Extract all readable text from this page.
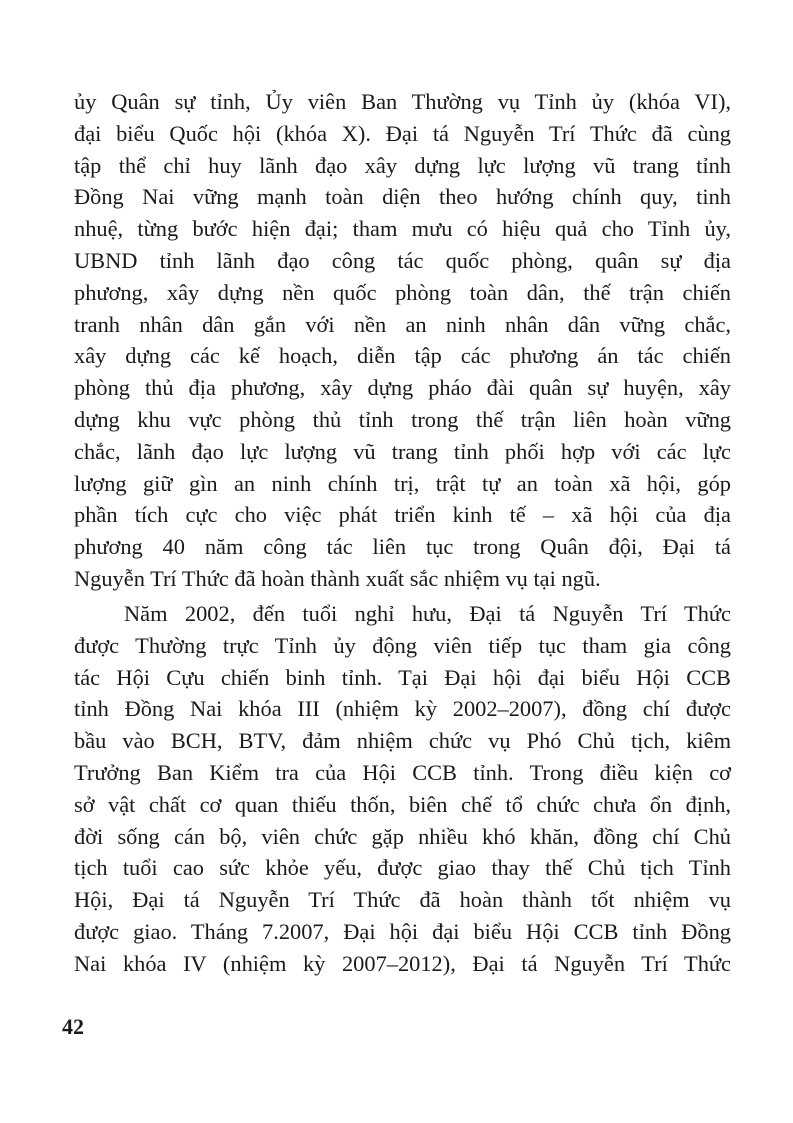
ủy Quân sự tỉnh, Ủy viên Ban Thường vụ Tỉnh ủy (khóa VI),
đại biểu Quốc hội (khóa X). Đại tá Nguyễn Trí Thức đã cùng
tập thể chỉ huy lãnh đạo xây dựng lực lượng vũ trang tỉnh
Đồng Nai vững mạnh toàn diện theo hướng chính quy, tinh
nhuệ, từng bước hiện đại; tham mưu có hiệu quả cho Tỉnh ủy,
UBND tỉnh lãnh đạo công tác quốc phòng, quân sự địa
phương, xây dựng nền quốc phòng toàn dân, thế trận chiến
tranh nhân dân gắn với nền an ninh nhân dân vững chắc,
xây dựng các kế hoạch, diễn tập các phương án tác chiến
phòng thủ địa phương, xây dựng pháo đài quân sự huyện, xây
dựng khu vực phòng thủ tỉnh trong thế trận liên hoàn vững
chắc, lãnh đạo lực lượng vũ trang tỉnh phối hợp với các lực
lượng giữ gìn an ninh chính trị, trật tự an toàn xã hội, góp
phần tích cực cho việc phát triển kinh tế – xã hội của địa
phương 40 năm công tác liên tục trong Quân đội, Đại tá
Nguyễn Trí Thức đã hoàn thành xuất sắc nhiệm vụ tại ngũ.
Năm 2002, đến tuổi nghỉ hưu, Đại tá Nguyễn Trí Thức
được Thường trực Tỉnh ủy động viên tiếp tục tham gia công
tác Hội Cựu chiến binh tỉnh. Tại Đại hội đại biểu Hội CCB
tỉnh Đồng Nai khóa III (nhiệm kỳ 2002–2007), đồng chí được
bầu vào BCH, BTV, đảm nhiệm chức vụ Phó Chủ tịch, kiêm
Trưởng Ban Kiểm tra của Hội CCB tỉnh. Trong điều kiện cơ
sở vật chất cơ quan thiếu thốn, biên chế tổ chức chưa ổn định,
đời sống cán bộ, viên chức gặp nhiều khó khăn, đồng chí Chủ
tịch tuổi cao sức khỏe yếu, được giao thay thế Chủ tịch Tỉnh
Hội, Đại tá Nguyễn Trí Thức đã hoàn thành tốt nhiệm vụ
được giao. Tháng 7.2007, Đại hội đại biểu Hội CCB tỉnh Đồng
Nai khóa IV (nhiệm kỳ 2007–2012), Đại tá Nguyễn Trí Thức
42
